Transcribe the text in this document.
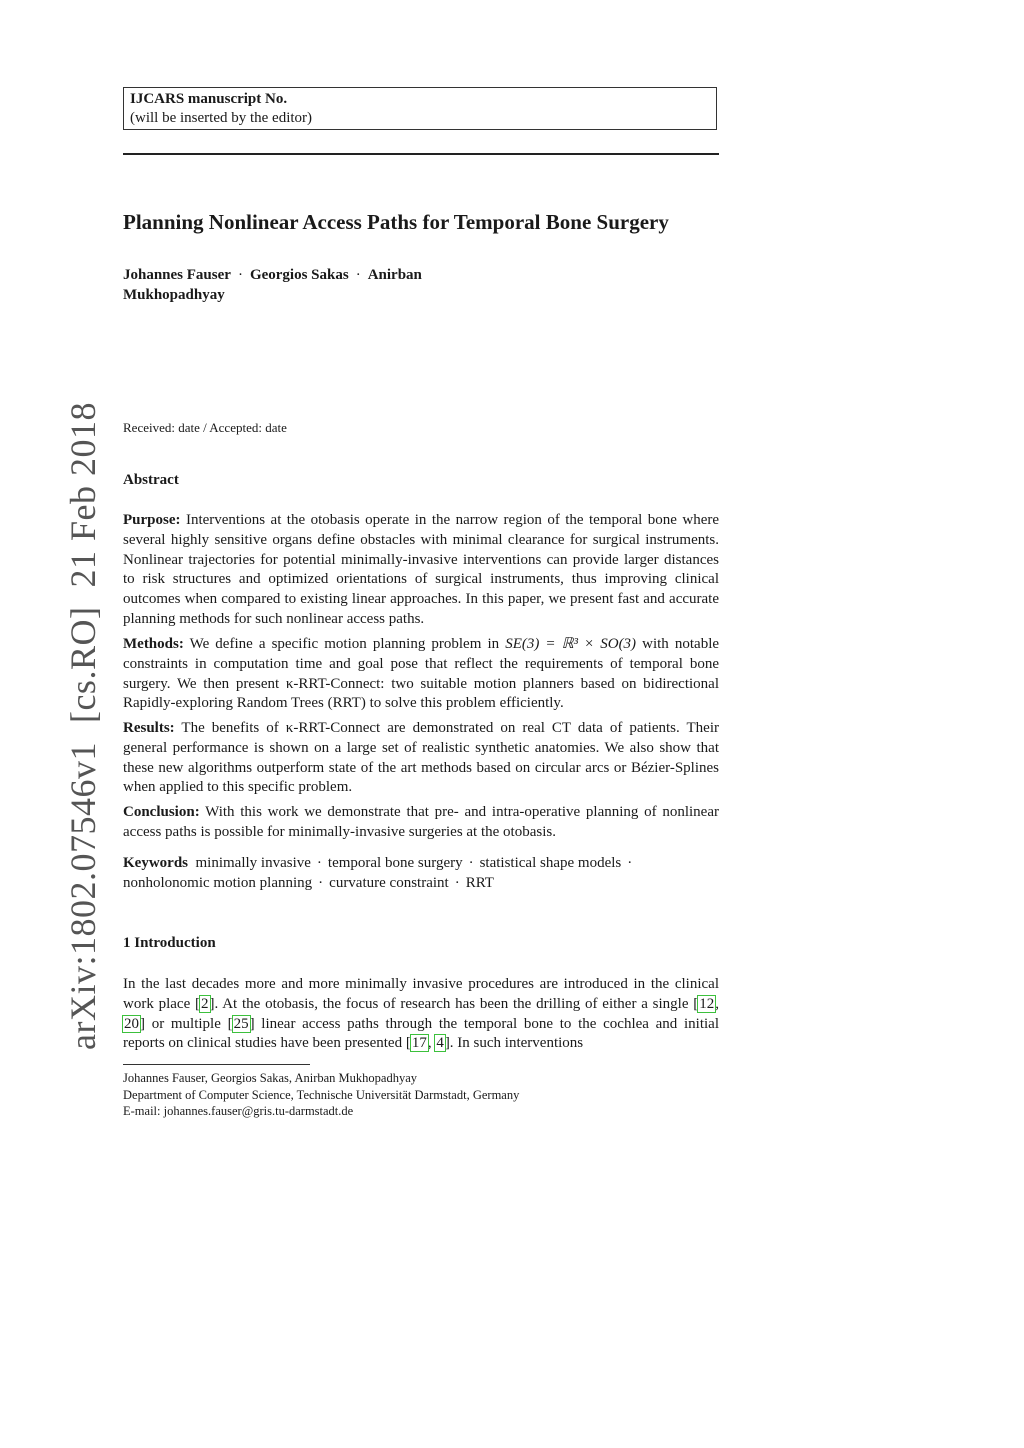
arXiv:1802.07546v1  [cs.RO]  21 Feb 2018
IJCARS manuscript No.
(will be inserted by the editor)
Planning Nonlinear Access Paths for Temporal Bone Surgery
Johannes Fauser · Georgios Sakas · Anirban Mukhopadhyay
Received: date / Accepted: date
Abstract
Purpose: Interventions at the otobasis operate in the narrow region of the temporal bone where several highly sensitive organs define obstacles with minimal clearance for surgical instruments. Nonlinear trajectories for potential minimally-invasive interventions can provide larger distances to risk structures and optimized orientations of surgical instruments, thus improving clinical outcomes when compared to existing linear approaches. In this paper, we present fast and accurate planning methods for such nonlinear access paths.
Methods: We define a specific motion planning problem in SE(3) = ℝ³ × SO(3) with notable constraints in computation time and goal pose that reflect the requirements of temporal bone surgery. We then present κ-RRT-Connect: two suitable motion planners based on bidirectional Rapidly-exploring Random Trees (RRT) to solve this problem efficiently.
Results: The benefits of κ-RRT-Connect are demonstrated on real CT data of patients. Their general performance is shown on a large set of realistic synthetic anatomies. We also show that these new algorithms outperform state of the art methods based on circular arcs or Bézier-Splines when applied to this specific problem.
Conclusion: With this work we demonstrate that pre- and intra-operative planning of nonlinear access paths is possible for minimally-invasive surgeries at the otobasis.
Keywords minimally invasive · temporal bone surgery · statistical shape models ·
nonholonomic motion planning · curvature constraint · RRT
1 Introduction
In the last decades more and more minimally invasive procedures are introduced in the clinical work place [2]. At the otobasis, the focus of research has been the drilling of either a single [12, 20] or multiple [25] linear access paths through the temporal bone to the cochlea and initial reports on clinical studies have been presented [17, 4]. In such interventions
Johannes Fauser, Georgios Sakas, Anirban Mukhopadhyay
Department of Computer Science, Technische Universität Darmstadt, Germany
E-mail: johannes.fauser@gris.tu-darmstadt.de
